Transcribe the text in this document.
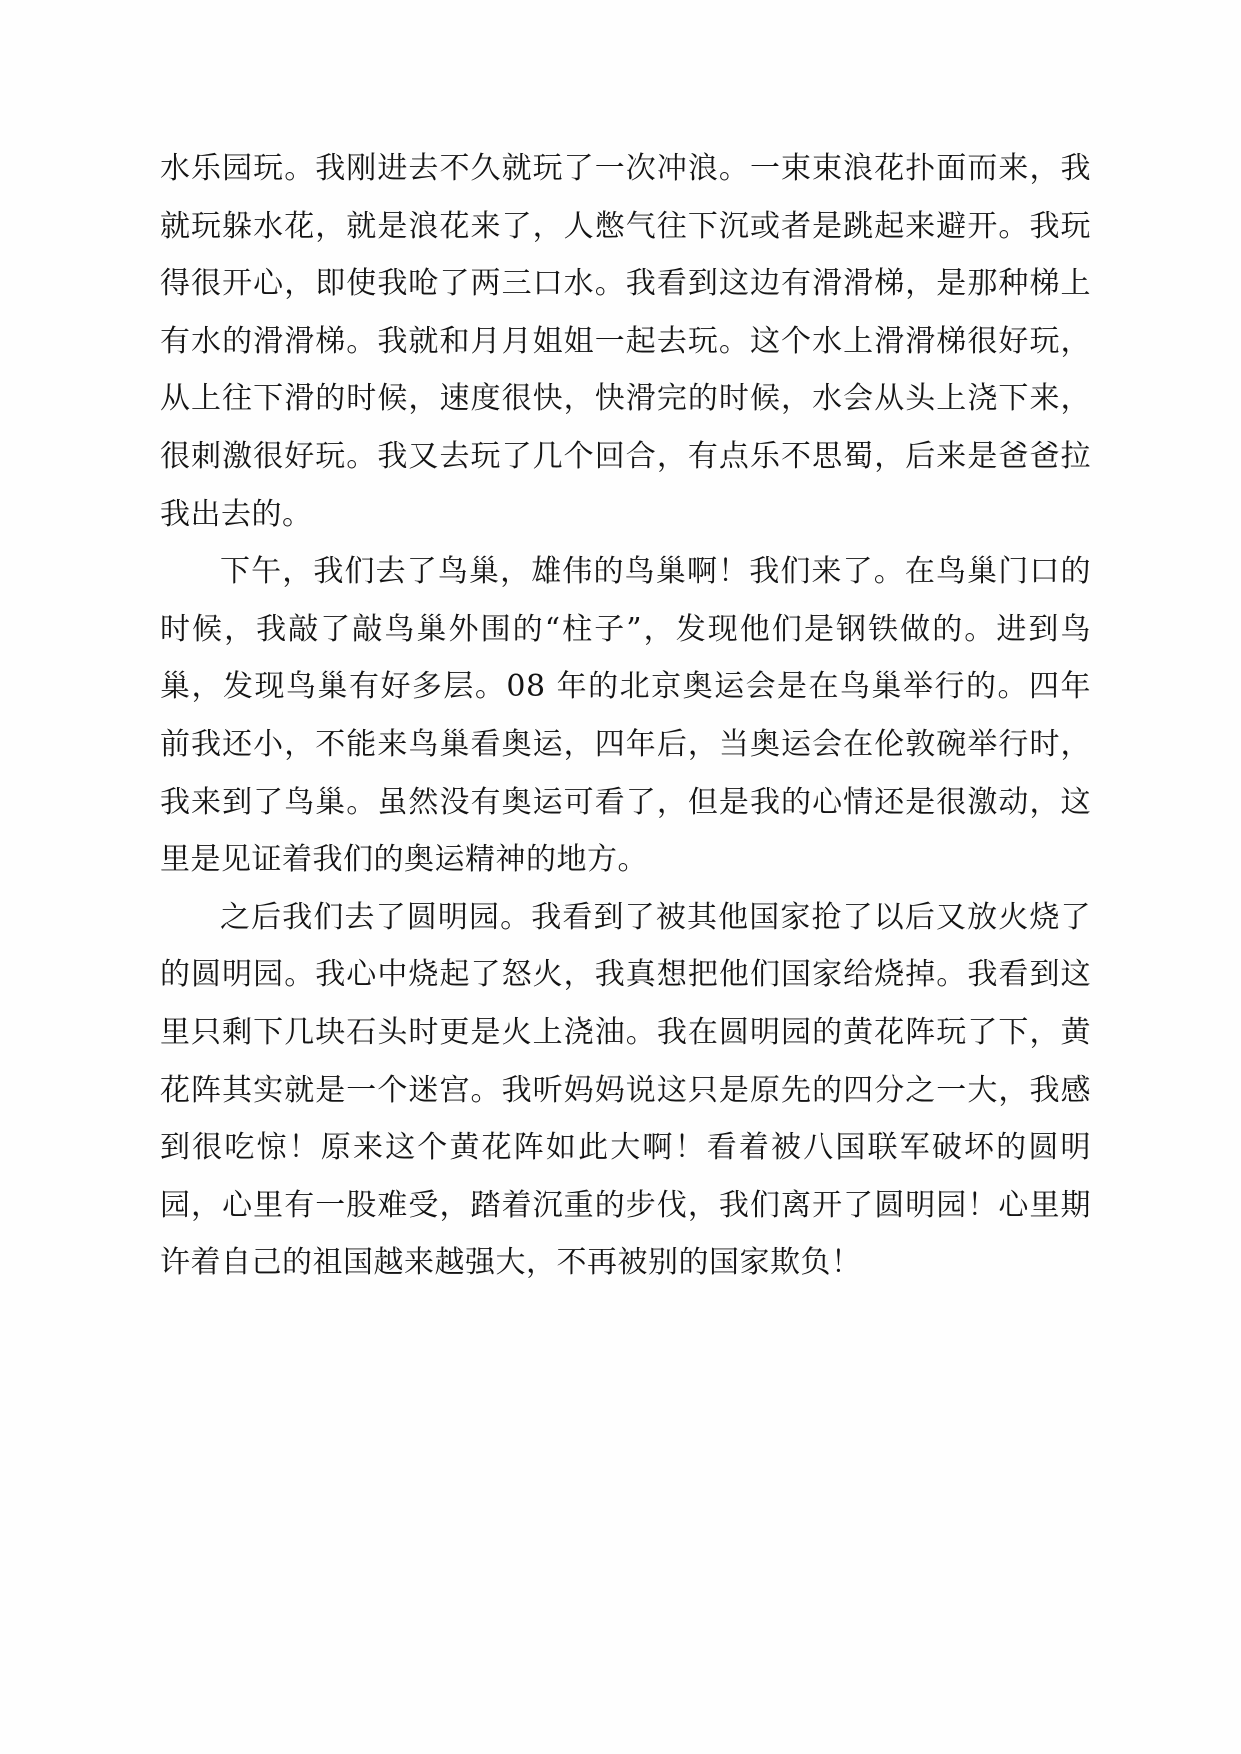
水乐园玩。我刚进去不久就玩了一次冲浪。一束束浪花扑面而来，我就玩躲水花，就是浪花来了，人憋气往下沉或者是跳起来避开。我玩得很开心，即使我呛了两三口水。我看到这边有滑滑梯，是那种梯上有水的滑滑梯。我就和月月姐姐一起去玩。这个水上滑滑梯很好玩，从上往下滑的时候，速度很快，快滑完的时候，水会从头上浇下来，很刺激很好玩。我又去玩了几个回合，有点乐不思蜀，后来是爸爸拉我出去的。

下午，我们去了鸟巢，雄伟的鸟巢啊！我们来了。在鸟巢门口的时候，我敲了敲鸟巢外围的“柱子”，发现他们是钢铁做的。进到鸟巢，发现鸟巢有好多层。08 年的北京奥运会是在鸟巢举行的。四年前我还小，不能来鸟巢看奥运，四年后，当奥运会在伦敦碗举行时，我来到了鸟巢。虽然没有奥运可看了，但是我的心情还是很激动，这里是见证着我们的奥运精神的地方。

之后我们去了圆明园。我看到了被其他国家抢了以后又放火烧了的圆明园。我心中烧起了怒火，我真想把他们国家给烧掉。我看到这里只剩下几块石头时更是火上浇油。我在圆明园的黄花阵玩了下，黄花阵其实就是一个迷宫。我听妈妈说这只是原先的四分之一大，我感到很吃惊！原来这个黄花阵如此大啊！看着被八国联军破坏的圆明园，心里有一股难受，踏着沉重的步伐，我们离开了圆明园！心里期许着自己的祖国越来越强大，不再被别的国家欺负！
